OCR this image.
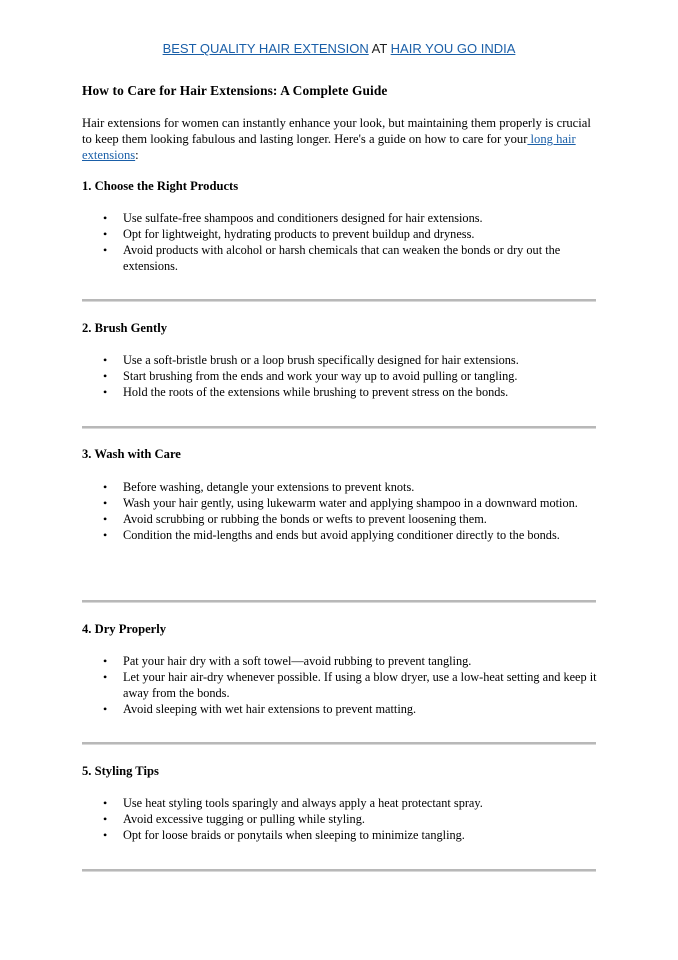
BEST QUALITY HAIR EXTENSION AT HAIR YOU GO INDIA
How to Care for Hair Extensions: A Complete Guide
Hair extensions for women can instantly enhance your look, but maintaining them properly is crucial to keep them looking fabulous and lasting longer. Here's a guide on how to care for your long hair extensions:
1. Choose the Right Products
• Use sulfate-free shampoos and conditioners designed for hair extensions.
• Opt for lightweight, hydrating products to prevent buildup and dryness.
• Avoid products with alcohol or harsh chemicals that can weaken the bonds or dry out the extensions.
2. Brush Gently
• Use a soft-bristle brush or a loop brush specifically designed for hair extensions.
• Start brushing from the ends and work your way up to avoid pulling or tangling.
• Hold the roots of the extensions while brushing to prevent stress on the bonds.
3. Wash with Care
• Before washing, detangle your extensions to prevent knots.
• Wash your hair gently, using lukewarm water and applying shampoo in a downward motion.
• Avoid scrubbing or rubbing the bonds or wefts to prevent loosening them.
• Condition the mid-lengths and ends but avoid applying conditioner directly to the bonds.
4. Dry Properly
• Pat your hair dry with a soft towel—avoid rubbing to prevent tangling.
• Let your hair air-dry whenever possible. If using a blow dryer, use a low-heat setting and keep it away from the bonds.
• Avoid sleeping with wet hair extensions to prevent matting.
5. Styling Tips
• Use heat styling tools sparingly and always apply a heat protectant spray.
• Avoid excessive tugging or pulling while styling.
• Opt for loose braids or ponytails when sleeping to minimize tangling.
